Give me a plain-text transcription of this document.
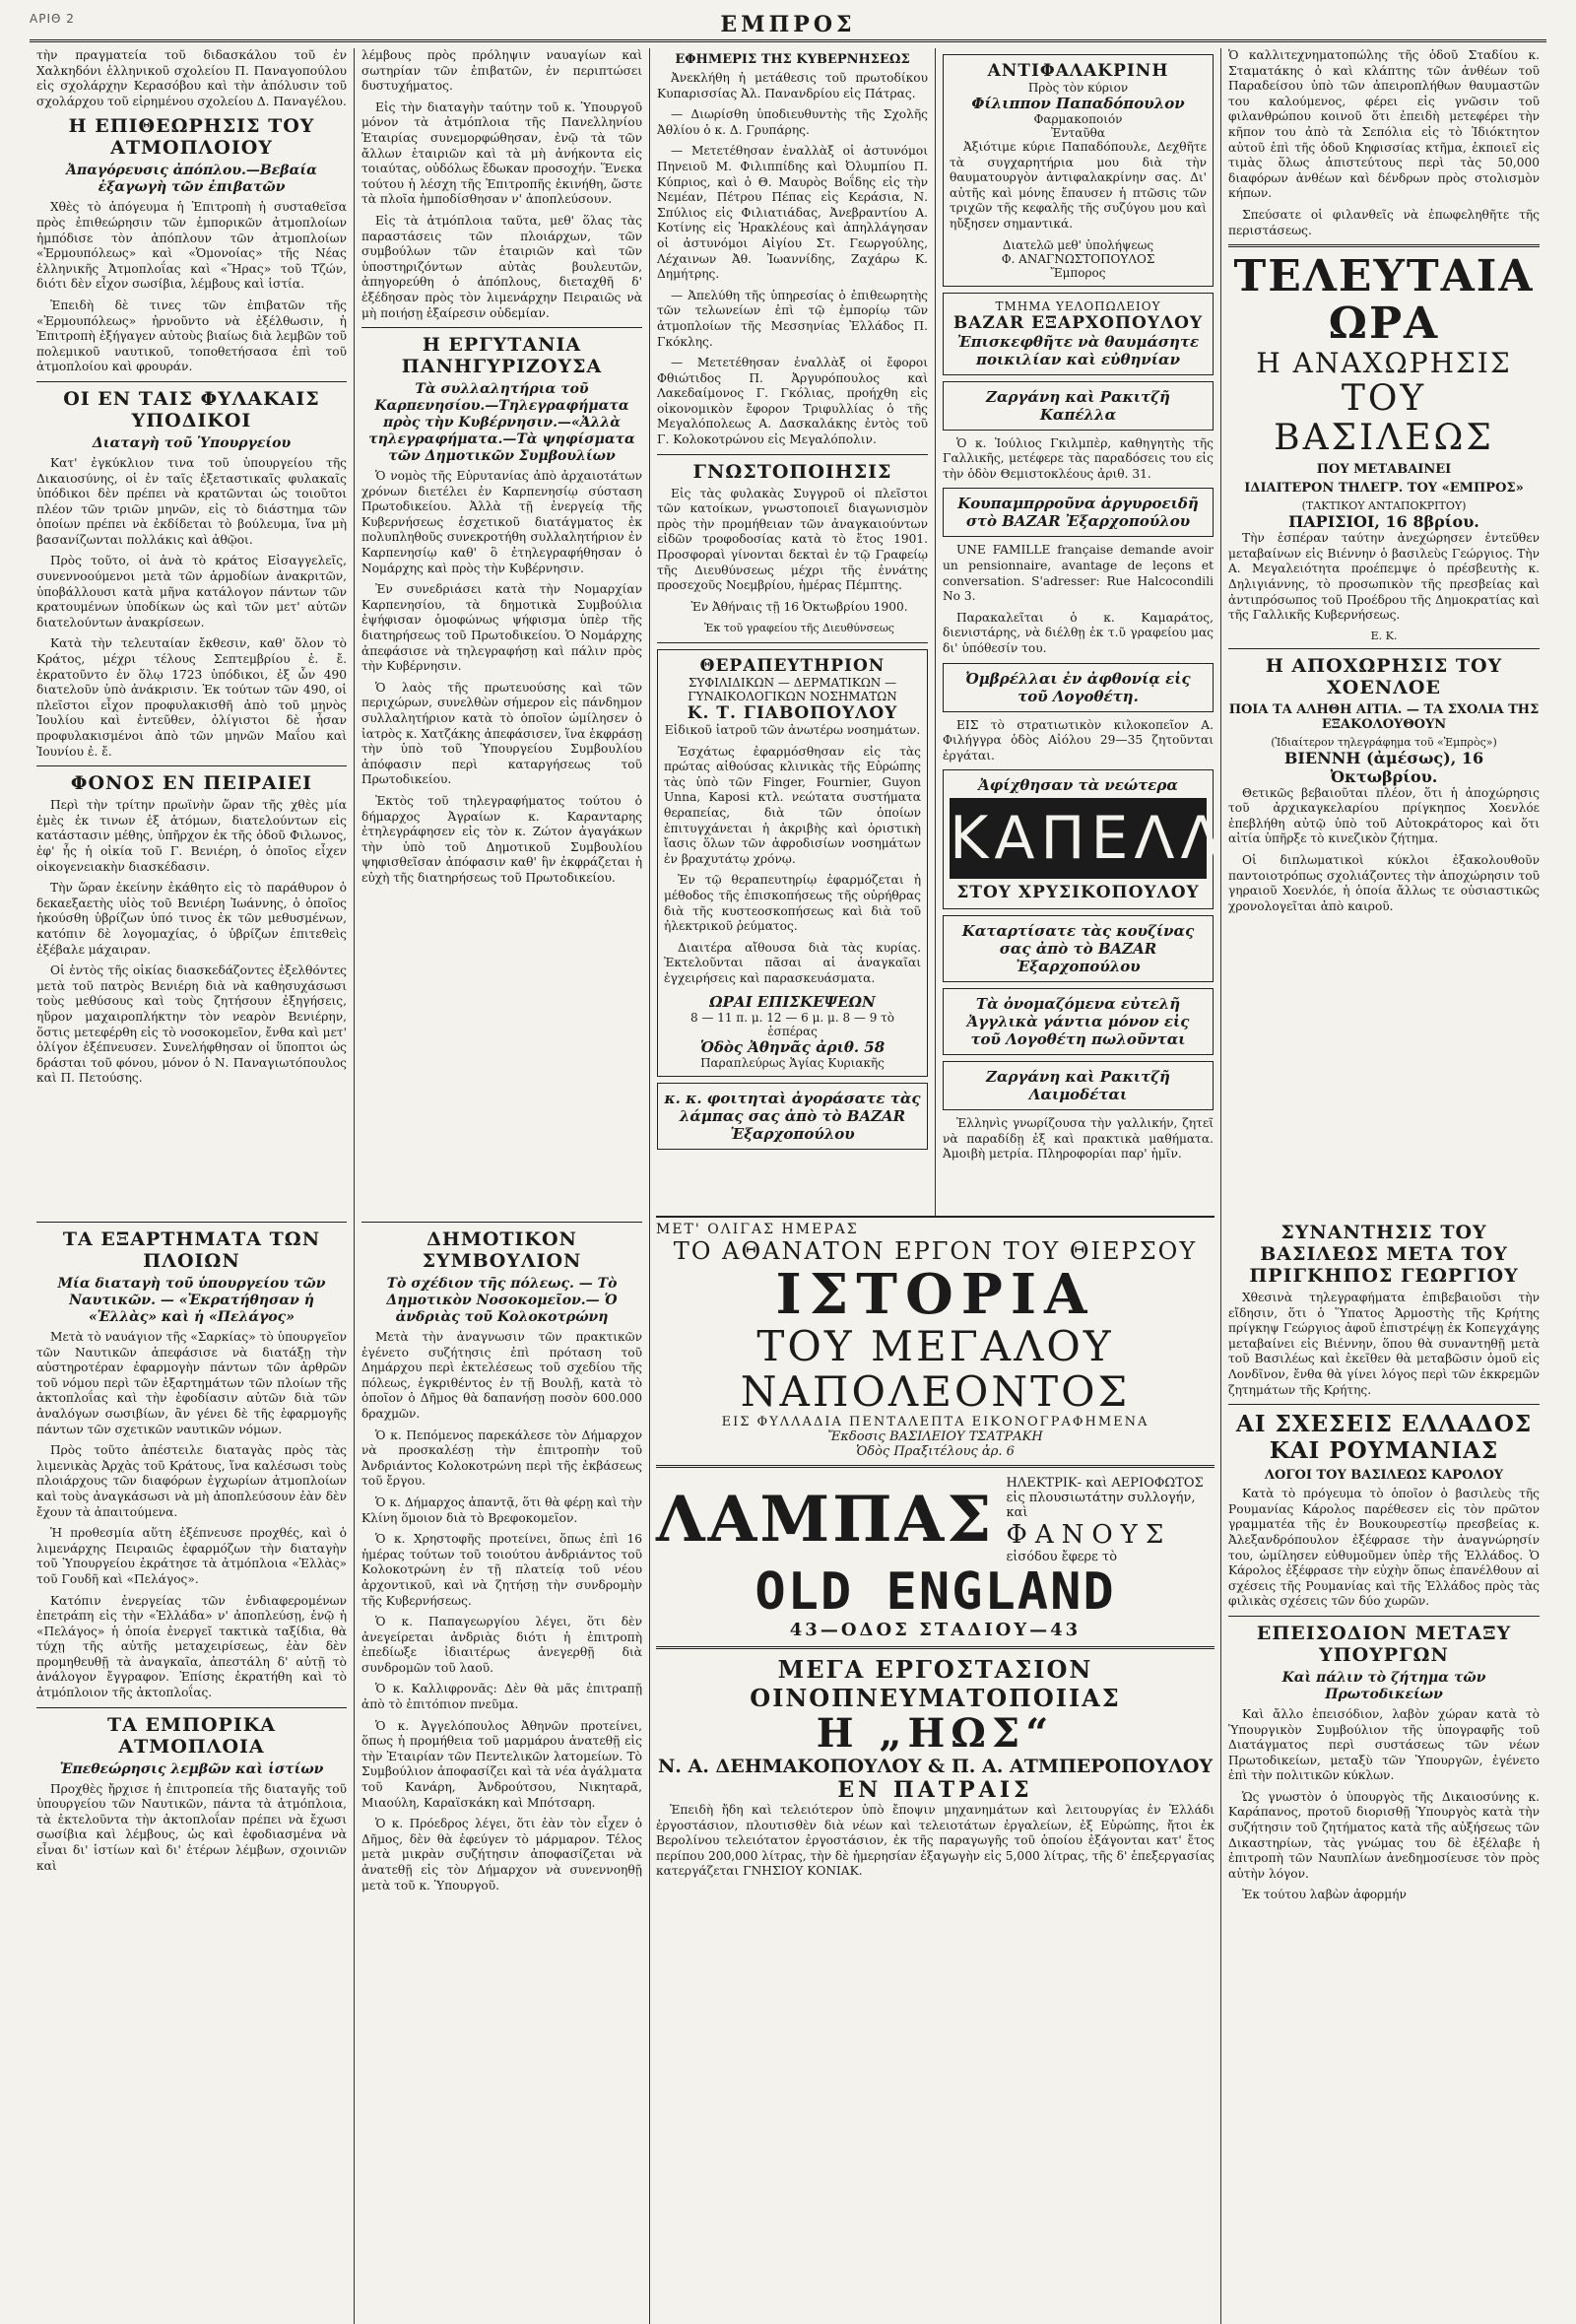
ΑΡΙΘ 2	ΕΜΠΡΟΣ

τὴν πραγματεία τοῦ διδασκάλου τοῦ ἐν Χαλκηδόνι ἑλληνικοῦ σχολείου Π. Παναγοπούλου εἰς σχολάρχην Κερασόβου καὶ τὴν ἀπόλυσιν τοῦ σχολάρχου τοῦ εἰρημένου σχολείου Δ. Παναγέλου.

Η ΕΠΙΘΕΩΡΗΣΙΣ ΤΟΥ ΑΤΜΟΠΛΟΙΟΥ
Ἀπαγόρευσις ἀπόπλου.—Βεβαία ἐξαγωγὴ τῶν ἐπιβατῶν

Χθὲς τὸ ἀπόγευμα ἡ Ἐπιτροπὴ ἡ συσταθεῖσα πρὸς ἐπιθεώρησιν τῶν ἐμπορικῶν ἀτμοπλοίων ἠμπόδισε τὸν ἀπόπλουν τῶν ἀτμοπλοίων «Ἑρμουπόλεως» καὶ «Ὁμονοίας» τῆς Νέας ἑλληνικῆς Ἀτμοπλοΐας καὶ «Ἥρας» τοῦ Τζών, διότι δὲν εἶχον σωσίβια, λέμβους καὶ ἱστία.

Ἐπειδὴ δὲ τινες τῶν ἐπιβατῶν τῆς «Ἑρμουπόλεως» ἠρνοῦντο νὰ ἐξέλθωσιν, ἡ Ἐπιτροπὴ ἐξήγαγεν αὐτοὺς βιαίως διὰ λεμβῶν τοῦ πολεμικοῦ ναυτικοῦ, τοποθετήσασα ἐπὶ τοῦ ἀτμοπλοίου καὶ φρουράν.

ΟΙ ΕΝ ΤΑΙΣ ΦΥΛΑΚΑΙΣ ΥΠΟΔΙΚΟΙ
Διαταγὴ τοῦ Ὑπουργείου

Κατ' ἐγκύκλιον τινα τοῦ ὑπουργείου τῆς Δικαιοσύνης, οἱ ἐν ταῖς ἐξεταστικαῖς φυλακαῖς ὑπόδικοι δὲν πρέπει νὰ κρατῶνται ὡς τοιοῦτοι πλέον τῶν τριῶν μηνῶν, εἰς τὸ διάστημα τῶν ὁποίων πρέπει νὰ ἐκδίδεται τὸ βούλευμα, ἵνα μὴ βασανίζωνται πολλάκις καὶ ἀθῷοι.

Πρὸς τοῦτο, οἱ ἀνὰ τὸ κράτος Εἰσαγγελεῖς, συνεννοούμενοι μετὰ τῶν ἁρμοδίων ἀνακριτῶν, ὑποβάλλουσι κατὰ μῆνα κατάλογον πάντων τῶν κρατουμένων ὑποδίκων ὡς καὶ τῶν μετ' αὐτῶν διατελούντων ἀνακρίσεων.

Κατὰ τὴν τελευταίαν ἔκθεσιν, καθ' ὅλον τὸ Κράτος, μέχρι τέλους Σεπτεμβρίου ἐ. ἔ. ἐκρατοῦντο ἐν ὅλῳ 1723 ὑπόδικοι, ἐξ ὧν 490 διατελοῦν ὑπὸ ἀνάκρισιν. Ἐκ τούτων τῶν 490, οἱ πλεῖστοι εἶχον προφυλακισθῆ ἀπὸ τοῦ μηνὸς Ἰουλίου καὶ ἐντεῦθεν, ὀλίγιστοι δὲ ἦσαν προφυλακισμένοι ἀπὸ τῶν μηνῶν Μαΐου καὶ Ἰουνίου ἐ. ἔ.

ΦΟΝΟΣ ΕΝ ΠΕΙΡΑΙΕΙ

Περὶ τὴν τρίτην πρωϊνὴν ὥραν τῆς χθὲς μία ἐμὲς ἐκ τινων ἐξ ἀτόμων, διατελούντων εἰς κατάστασιν μέθης, ὑπῆρχον ἐκ τῆς ὁδοῦ Φιλωνος, ἐφ' ἧς ἡ οἰκία τοῦ Γ. Βενιέρη, ὁ ὁποῖος εἶχεν οἰκογενειακὴν διασκέδασιν.

Τὴν ὥραν ἐκείνην ἐκάθητο εἰς τὸ παράθυρον ὁ δεκαεξαετὴς υἱὸς τοῦ Βενιέρη Ἰωάννης, ὁ ὁποῖος ἠκούσθη ὑβρίζων ὑπό τινος ἐκ τῶν μεθυσμένων, κατόπιν δὲ λογομαχίας, ὁ ὑβρίζων ἐπιτεθεὶς ἐξέβαλε μάχαιραν.

Οἱ ἐντὸς τῆς οἰκίας διασκεδάζοντες ἐξελθόντες μετὰ τοῦ πατρὸς Βενιέρη διὰ νὰ καθησυχάσωσι τοὺς μεθύσους καὶ τοὺς ζητήσουν ἐξηγήσεις, ηὕρον μαχαιροπλήκτην τὸν νεαρὸν Βενιέρην, ὅστις μετεφέρθη εἰς τὸ νοσοκομεῖον, ἔνθα καὶ μετ' ὀλίγον ἐξέπνευσεν. Συνελήφθησαν οἱ ὕποπτοι ὡς δράσται τοῦ φόνου, μόνον ὁ Ν. Παναγιωτόπουλος καὶ Π. Πετούσης.

λέμβους πρὸς πρόληψιν ναυαγίων καὶ σωτηρίαν τῶν ἐπιβατῶν, ἐν περιπτώσει δυστυχήματος.

Εἰς τὴν διαταγὴν ταύτην τοῦ κ. Ὑπουργοῦ μόνον τὰ ἀτμόπλοια τῆς Πανελληνίου Ἑταιρίας συνεμορφώθησαν, ἐνῷ τὰ τῶν ἄλλων ἑταιριῶν καὶ τὰ μὴ ἀνήκοντα εἰς τοιαύτας, οὐδόλως ἔδωκαν προσοχήν. Ἕνεκα τούτου ἡ λέσχη τῆς Ἐπιτροπῆς ἐκινήθη, ὥστε τὰ πλοῖα ἠμποδίσθησαν ν' ἀποπλεύσουν.

Εἰς τὰ ἀτμόπλοια ταῦτα, μεθ' ὅλας τὰς παραστάσεις τῶν πλοιάρχων, τῶν συμβούλων τῶν ἑταιριῶν καὶ τῶν ὑποστηριζόντων αὐτὰς βουλευτῶν, ἀπηγορεύθη ὁ ἀπόπλους, διεταχθῆ δ' ἐξέδησαν πρὸς τὸν λιμενάρχην Πειραιῶς νὰ μὴ ποιήσῃ ἐξαίρεσιν οὐδεμίαν.

Η ΕΡΓΥΤΑΝΙΑ ΠΑΝΗΓΥΡΙΖΟΥΣΑ
Τὰ συλλαλητήρια τοῦ Καρπενησίου.—Τηλεγραφήματα πρὸς τὴν Κυβέρνησιν.—«Ἀλλὰ τηλεγραφήματα.—Τὰ ψηφίσματα τῶν Δημοτικῶν Συμβουλίων

Ὁ νομὸς τῆς Εὐρυτανίας ἀπὸ ἀρχαιοτάτων χρόνων διετέλει ἐν Καρπενησίῳ σύσταση Πρωτοδικείου. Ἀλλὰ τῇ ἐνεργείᾳ τῆς Κυβερνήσεως ἐσχετικοῦ διατάγματος ἐκ πολυπληθοῦς συνεκροτήθη συλλαλητήριον ἐν Καρπενησίῳ καθ' ὃ ἐτηλεγραφήθησαν ὁ Νομάρχης καὶ πρὸς τὴν Κυβέρνησιν.

Ἐν συνεδριάσει κατὰ τὴν Νομαρχίαν Καρπενησίου, τὰ δημοτικὰ Συμβούλια ἐψήφισαν ὁμοφώνως ψήφισμα ὑπὲρ τῆς διατηρήσεως τοῦ Πρωτοδικείου. Ὁ Νομάρχης ἀπεφάσισε νὰ τηλεγραφήσῃ καὶ πάλιν πρὸς τὴν Κυβέρνησιν.

Ὁ λαὸς τῆς πρωτευούσης καὶ τῶν περιχώρων, συνελθὼν σήμερον εἰς πάνδημον συλλαλητήριον κατὰ τὸ ὁποῖον ὡμίλησεν ὁ ἰατρὸς κ. Χατζάκης ἀπεφάσισεν, ἵνα ἐκφράσῃ τὴν ὑπὸ τοῦ Ὑπουργείου Συμβουλίου ἀπόφασιν περὶ καταργήσεως τοῦ Πρωτοδικείου.

Ἐκτὸς τοῦ τηλεγραφήματος τούτου ὁ δήμαρχος Ἀγραίων κ. Καρανταρης ἐτηλεγράφησεν εἰς τὸν κ. Ζώτον ἀγαγάκων τὴν ὑπὸ τοῦ Δημοτικοῦ Συμβουλίου ψηφισθεῖσαν ἀπόφασιν καθ' ἣν ἐκφράζεται ἡ εὐχὴ τῆς διατηρήσεως τοῦ Πρωτοδικείου.

ΕΦΗΜΕΡΙΣ ΤΗΣ ΚΥΒΕΡΝΗΣΕΩΣ

Ἀνεκλήθη ἡ μετάθεσις τοῦ πρωτοδίκου Κυπαρισσίας Ἀλ. Πανανδρίου εἰς Πάτρας.

— Διωρίσθη ὑποδιευθυντὴς τῆς Σχολῆς Ἀθλίου ὁ κ. Δ. Γρυπάρης.

— Μετετέθησαν ἐναλλὰξ οἱ ἀστυνόμοι Πηνειοῦ Μ. Φιλιππίδης καὶ Ὀλυμπίου Π. Κύπριος, καὶ ὁ Θ. Μαυρὸς Βοΐδης εἰς τὴν Νεμέαν, Πέτρου Πέπας εἰς Κεράσια, Ν. Σπύλιος εἰς Φιλιατιάδας, Ἀνεβραντίου Α. Κοτίνης εἰς Ἠρακλέους καὶ ἀπηλλάγησαν οἱ ἀστυνόμοι Αἰγίου Στ. Γεωργούλης, Λέχαινων Ἀθ. Ἰωαννίδης, Ζαχάρω Κ. Δημήτρης.

— Ἀπελύθη τῆς ὑπηρεσίας ὁ ἐπιθεωρητὴς τῶν τελωνείων ἐπὶ τῷ ἐμπορίῳ τῶν ἀτμοπλοίων τῆς Μεσσηνίας Ἐλλάδος Π. Γκόκλης.

— Μετετέθησαν ἐναλλὰξ οἱ ἔφοροι Φθιώτιδος Π. Ἀργυρόπουλος καὶ Λακεδαίμονος Γ. Γκόλιας, προήχθη εἰς οἰκονομικὸν ἔφορον Τριφυλλίας ὁ τῆς Μεγαλόπολεως Α. Δασκαλάκης ἐντὸς τοῦ Γ. Κολοκοτρώνου εἰς Μεγαλόπολιν.

ΓΝΩΣΤΟΠΟΙΗΣΙΣ

Εἰς τὰς φυλακὰς Συγγροῦ οἱ πλεῖστοι τῶν κατοίκων, γνωστοποιεῖ διαγωνισμὸν πρὸς τὴν προμήθειαν τῶν ἀναγκαιούντων εἰδῶν τροφοδοσίας κατὰ τὸ ἔτος 1901. Προσφοραὶ γίνονται δεκταὶ ἐν τῷ Γραφείῳ τῆς Διευθύνσεως μέχρι τῆς ἐννάτης προσεχοῦς Νοεμβρίου, ἡμέρας Πέμπτης.

Ἐν Ἀθήναις τῇ 16 Ὀκτωβρίου 1900.

Ἐκ τοῦ γραφείου τῆς Διευθύνσεως

ΘΕΡΑΠΕΥΤΗΡΙΟΝ
ΣΥΦΙΛΙΔΙΚΩΝ — ΔΕΡΜΑΤΙΚΩΝ — ΓΥΝΑΙΚΟΛΟΓΙΚΩΝ ΝΟΣΗΜΑΤΩΝ
Κ. Τ. ΓΙΑΒΟΠΟΥΛΟΥ

Εἰδικοῦ ἰατροῦ τῶν ἀνωτέρω νοσημάτων.

Ἐσχάτως ἐφαρμόσθησαν εἰς τὰς πρώτας αἰθούσας κλινικὰς τῆς Εὐρώπης τὰς ὑπὸ τῶν Finger, Fournier, Guyon Unna, Kaposi κτλ. νεώτατα συστήματα θεραπείας, διὰ τῶν ὁποίων ἐπιτυγχάνεται ἡ ἀκριβὴς καὶ ὁριστικὴ ἴασις ὅλων τῶν ἀφροδισίων νοσημάτων ἐν βραχυτάτῳ χρόνῳ.

Ἐν τῷ θεραπευτηρίῳ ἐφαρμόζεται ἡ μέθοδος τῆς ἐπισκοπήσεως τῆς οὐρήθρας διὰ τῆς κυστεοσκοπήσεως καὶ διὰ τοῦ ἠλεκτρικοῦ ῥεύματος.

Διαιτέρα αἴθουσα διὰ τὰς κυρίας. Ἐκτελοῦνται πᾶσαι αἱ ἀναγκαῖαι ἐγχειρήσεις καὶ παρασκευάσματα.

ΩΡΑΙ ΕΠΙΣΚΕΨΕΩΝ
8 — 11 π. μ. 12 — 6 μ. μ. 8 — 9 τὸ ἑσπέρας
Ὁδὸς Ἀθηνᾶς ἀριθ. 58
Παραπλεύρως Ἁγίας Κυριακῆς
κ. κ. φοιτηταὶ ἀγοράσατε τὰς λάμπας σας ἀπὸ τὸ BAZAR Ἐξαρχοπούλου
ΑΝΤΙΦΑΛΑΚΡΙΝΗ
Πρὸς τὸν κύριον
Φίλιππον Παπαδόπουλον
Φαρμακοποιόν
Ἐνταῦθα

Ἀξιότιμε κύριε Παπαδόπουλε, Δεχθῆτε τὰ συγχαρητήρια μου διὰ τὴν θαυματουργὸν ἀντιφαλακρίνην σας. Δι' αὐτῆς καὶ μόνης ἔπαυσεν ἡ πτῶσις τῶν τριχῶν τῆς κεφαλῆς τῆς συζύγου μου καὶ ηὔξησεν σημαντικά.

Διατελῶ μεθ' ὑπολήψεως
Φ. ΑΝΑΓΝΩΣΤΟΠΟΥΛΟΣ
Ἔμπορος
ΤΜΗΜΑ ΥΕΛΟΠΩΛΕΙΟΥ
BAZAR ΕΞΑΡΧΟΠΟΥΛΟΥ
Ἐπισκεφθῆτε νὰ θαυμάσητε ποικιλίαν καὶ εὐθηνίαν
Ζαργάνη καὶ Ρακιτζῆ Καπέλλα

Ὁ κ. Ἰούλιος Γκιλμπὲρ, καθηγητὴς τῆς Γαλλικῆς, μετέφερε τὰς παραδόσεις του εἰς τὴν ὁδὸν Θεμιστοκλέους ἀριθ. 31.

Κουπαμπρροῦνα ἀργυροειδῆ
στὸ BAZAR Ἐξαρχοπούλου

UNE FAMILLE française demande avoir un pensionnaire, avantage de leçons et conversation. S'adresser: Rue Halcocondili No 3.

Παρακαλεῖται ὁ κ. Καμαράτος, διενιστάρης, νὰ διέλθῃ ἐκ τ.ῦ γραφείου μας δι' ὑπόθεσίν του.

Ὀμβρέλλαι ἐν ἀφθονίᾳ εἰς
τοῦ Λογοθέτη.

ΕΙΣ τὸ στρατιωτικὸν κιλοκοπεῖον Α. Φιλήγγρα ὁδὸς Αἰόλου 29—35 ζητοῦνται ἐργάται.

Ἀφίχθησαν τὰ νεώτερα
ΚΑΠΕΛΛΑ
ΣΤΟΥ ΧΡΥΣΙΚΟΠΟΥΛΟΥ
Καταρτίσατε τὰς κουζίνας σας ἀπὸ τὸ BAZAR Ἐξαρχοπούλου
Τὰ ὀνομαζόμενα εὐτελῆ Ἀγγλικὰ γάντια μόνον εἰς τοῦ Λογοθέτη πωλοῦνται
Ζαργάνη καὶ Ρακιτζῆ Λαιμοδέται

Ἑλληνὶς γνωρίζουσα τὴν γαλλικήν, ζητεῖ νὰ παραδίδῃ ἐξ καὶ πρακτικὰ μαθήματα. Ἀμοιβὴ μετρία. Πληροφορίαι παρ' ἡμῖν.

Ὁ καλλιτεχνηματοπώλης τῆς ὁδοῦ Σταδίου κ. Σταματάκης ὁ καὶ κλάπτης τῶν ἀνθέων τοῦ Παραδείσου ὑπὸ τῶν ἀπειροπλήθων θαυμαστῶν του καλούμενος, φέρει εἰς γνῶσιν τοῦ φιλανθρώπου κοινοῦ ὅτι ἐπειδὴ μετεφέρει τὴν κῆπον του ἀπὸ τὰ Σεπόλια εἰς τὸ Ἰδιόκτητον αὐτοῦ ἐπὶ τῆς ὁδοῦ Κηφισσίας κτῆμα, ἐκποιεῖ εἰς τιμὰς ὅλως ἀπιστεύτους περὶ τὰς 50,000 διαφόρων ἀνθέων καὶ δένδρων πρὸς στολισμὸν κήπων.

Σπεύσατε οἱ φιλανθεῖς νὰ ἐπωφεληθῆτε τῆς περιστάσεως.

ΤΕΛΕΥΤΑΙΑ ΩΡΑ
Η ΑΝΑΧΩΡΗΣΙΣ
ΤΟΥ ΒΑΣΙΛΕΩΣ
ΠΟΥ ΜΕΤΑΒΑΙΝΕΙ
ΙΔΙΑΙΤΕΡΟΝ ΤΗΛΕΓΡ. ΤΟΥ «ΕΜΠΡΟΣ»
(ΤΑΚΤΙΚΟΥ ΑΝΤΑΠΟΚΡΙΤΟΥ)
ΠΑΡΙΣΙΟΙ, 16 8βρίου.

Τὴν ἑσπέραν ταύτην ἀνεχώρησεν ἐντεῦθεν μεταβαίνων εἰς Βιέννην ὁ βασιλεὺς Γεώργιος. Τὴν Α. Μεγαλειότητα προέπεμψε ὁ πρέσβευτὴς κ. Δηλιγιάννης, τὸ προσωπικὸν τῆς πρεσβείας καὶ ἀντιπρόσωπος τοῦ Προέδρου τῆς Δημοκρατίας καὶ τῆς Γαλλικῆς Κυβερνήσεως.

Ε. Κ.
Η ΑΠΟΧΩΡΗΣΙΣ ΤΟΥ ΧΟΕΝΛΟΕ
ΠΟΙΑ ΤΑ ΑΛΗΘΗ ΑΙΤΙΑ. — ΤΑ ΣΧΟΛΙΑ ΤΗΣ ΕΞΑΚΟΛΟΥΘΟΥΝ
(Ἰδιαίτερον τηλεγράφημα τοῦ «Ἐμπρὸς»)
ΒΙΕΝΝΗ (ἀμέσως), 16 Ὀκτωβρίου.

Θετικῶς βεβαιοῦται πλέον, ὅτι ἡ ἀποχώρησις τοῦ ἀρχικαγκελαρίου πρίγκηπος Χοενλόε ἐπεβλήθη αὐτῷ ὑπὸ τοῦ Αὐτοκράτορος καὶ ὅτι αἰτία ὑπῆρξε τὸ κινεζικὸν ζήτημα.

Οἱ διπλωματικοὶ κύκλοι ἐξακολουθοῦν παντοιοτρόπως σχολιάζοντες τὴν ἀποχώρησιν τοῦ γηραιοῦ Χοενλόε, ἡ ὁποία ἄλλως τε οὐσιαστικῶς χρονολογεῖται ἀπὸ καιροῦ.

ΤΑ ΕΞΑΡΤΗΜΑΤΑ ΤΩΝ ΠΛΟΙΩΝ
Μία διαταγὴ τοῦ ὑπουργείου τῶν Ναυτικῶν. — «Ἐκρατήθησαν ἡ «Ἑλλὰς» καὶ ἡ «Πελάγος»

Μετὰ τὸ ναυάγιον τῆς «Σαρκίας» τὸ ὑπουργεῖον τῶν Ναυτικῶν ἀπεφάσισε νὰ διατάξῃ τὴν αὐστηροτέραν ἐφαρμογὴν πάντων τῶν ἀρθρῶν τοῦ νόμου περὶ τῶν ἐξαρτημάτων τῶν πλοίων τῆς ἀκτοπλοΐας καὶ τὴν ἐφοδίασιν αὐτῶν διὰ τῶν ἀναλόγων σωσιβίων, ἂν γένει δὲ τῆς ἐφαρμογῆς πάντων τῶν σχετικῶν ναυτικῶν νόμων.

Πρὸς τοῦτο ἀπέστειλε διαταγὰς πρὸς τὰς λιμενικὰς Ἀρχὰς τοῦ Κράτους, ἵνα καλέσωσι τοὺς πλοιάρχους τῶν διαφόρων ἐγχωρίων ἀτμοπλοίων καὶ τοὺς ἀναγκάσωσι νὰ μὴ ἀποπλεύσουν ἐὰν δὲν ἔχουν τὰ ἀπαιτούμενα.

Ἡ προθεσμία αὕτη ἐξέπνευσε προχθές, καὶ ὁ λιμενάρχης Πειραιῶς ἐφαρμόζων τὴν διαταγὴν τοῦ Ὑπουργείου ἐκράτησε τὰ ἀτμόπλοια «Ἑλλὰς» τοῦ Γουδῆ καὶ «Πελάγος».

Κατόπιν ἐνεργείας τῶν ἐνδιαφερομένων ἐπετράπη εἰς τὴν «Ἑλλάδα» ν' ἀποπλεύσῃ, ἐνῷ ἡ «Πελάγος» ἡ ὁποία ἐνεργεῖ τακτικὰ ταξίδια, θὰ τύχῃ τῆς αὐτῆς μεταχειρίσεως, ἐὰν δὲν προμηθευθῇ τὰ ἀναγκαῖα, ἀπεστάλη δ' αὐτῇ τὸ ἀνάλογον ἔγγραφον. Ἐπίσης ἐκρατήθη καὶ τὸ ἀτμόπλοιον τῆς ἀκτοπλοΐας.

ΤΑ ΕΜΠΟΡΙΚΑ ΑΤΜΟΠΛΟΙΑ
Ἐπεθεώρησις λεμβῶν καὶ ἱστίων

Προχθὲς ἤρχισε ἡ ἐπιτροπεία τῆς διαταγῆς τοῦ ὑπουργείου τῶν Ναυτικῶν, πάντα τὰ ἀτμόπλοια, τὰ ἐκτελοῦντα τὴν ἀκτοπλοΐαν πρέπει νὰ ἔχωσι σωσίβια καὶ λέμβους, ὡς καὶ ἐφοδιασμένα νὰ εἶναι δι' ἱστίων καὶ δι' ἑτέρων λέμβων, σχοινιῶν καὶ

ΔΗΜΟΤΙΚΟΝ ΣΥΜΒΟΥΛΙΟΝ
Τὸ σχέδιον τῆς πόλεως. — Τὸ Δημοτικὸν Νοσοκομεῖον.— Ὁ ἀνδριὰς τοῦ Κολοκοτρώνη

Μετὰ τὴν ἀναγνωσιν τῶν πρακτικῶν ἐγένετο συζήτησις ἐπὶ πρόταση τοῦ Δημάρχου περὶ ἐκτελέσεως τοῦ σχεδίου τῆς πόλεως, ἐγκριθέντος ἐν τῇ Βουλῇ, κατὰ τὸ ὁποῖον ὁ Δῆμος θὰ δαπανήσῃ ποσὸν 600.000 δραχμῶν.

Ὁ κ. Πεπόμενος παρεκάλεσε τὸν Δήμαρχον νὰ προσκαλέσῃ τὴν ἐπιτροπὴν τοῦ Ἀνδριάντος Κολοκοτρώνη περὶ τῆς ἐκβάσεως τοῦ ἔργου.

Ὁ κ. Δήμαρχος ἀπαντᾷ, ὅτι θὰ φέρῃ καὶ τὴν Κλίνη ὅμοιον διὰ τὸ Βρεφοκομεῖον.

Ὁ κ. Χρηστοφῆς προτείνει, ὅπως ἐπὶ 16 ἡμέρας τούτων τοῦ τοιούτου ἀνδριάντος τοῦ Κολοκοτρώνη ἐν τῇ πλατείᾳ τοῦ νέου ἀρχοντικοῦ, καὶ νὰ ζητήσῃ τὴν συνδρομὴν τῆς Κυβερνήσεως.

Ὁ κ. Παπαγεωργίου λέγει, ὅτι δὲν ἀνεγείρεται ἀνδριὰς διότι ἡ ἐπιτροπὴ ἐπεδίωξε ἰδιαιτέρως ἀνεγερθῇ διὰ συνδρομῶν τοῦ λαοῦ.

Ὁ κ. Καλλιφρονᾶς: Δὲν θὰ μᾶς ἐπιτραπῇ ἀπὸ τὸ ἐπιτόπιον πνεῦμα.

Ὁ κ. Ἀγγελόπουλος Ἀθηνῶν προτείνει, ὅπως ἡ προμήθεια τοῦ μαρμάρου ἀνατεθῇ εἰς τὴν Ἐταιρίαν τῶν Πεντελικῶν λατομείων. Τὸ Συμβούλιον ἀποφασίζει καὶ τὰ νέα ἀγάλματα τοῦ Κανάρη, Ἀνδρούτσου, Νικηταρᾶ, Μιαούλη, Καραϊσκάκη καὶ Μπότσαρη.

Ὁ κ. Πρόεδρος λέγει, ὅτι ἐὰν τὸν εἶχεν ὁ Δῆμος, δὲν θὰ ἐφεύγεν τὸ μάρμαρον. Τέλος μετὰ μικρὰν συζήτησιν ἀποφασίζεται νὰ ἀνατεθῇ εἰς τὸν Δήμαρχον νὰ συνεννοηθῇ μετὰ τοῦ κ. Ὑπουργοῦ.

ΜΕΤ' ΟΛΙΓΑΣ ΗΜΕΡΑΣ
ΤΟ ΑΘΑΝΑΤΟΝ ΕΡΓΟΝ ΤΟΥ ΘΙΕΡΣΟΥ
ΙΣΤΟΡΙΑ
ΤΟΥ ΜΕΓΑΛΟΥ ΝΑΠΟΛΕΟΝΤΟΣ
ΕΙΣ ΦΥΛΛΑΔΙΑ ΠΕΝΤΑΛΕΠΤΑ ΕΙΚΟΝΟΓΡΑΦΗΜΕΝΑ
Ἔκδοσις ΒΑΣΙΛΕΙΟΥ ΤΣΑΤΡΑΚΗ
Ὁδὸς Πραξιτέλους ἀρ. 6
ΛΑΜΠΑΣ ΗΛΕΚΤΡΙΚ- καὶ ΑΕΡΙΟΦΩΤΟΣ
εἰς πλουσιωτάτην συλλογήν, καὶ
ΦΑΝΟΥΣ
εἰσόδου ἔφερε τὸ
OLD ENGLAND
43—ΟΔΟΣ ΣΤΑΔΙΟΥ—43
ΜΕΓΑ ΕΡΓΟΣΤΑΣΙΟΝ ΟΙΝΟΠΝΕΥΜΑΤΟΠΟΙΙΑΣ
Η „ΗΩΣ“
Ν. Α. ΔΕΗΜΑΚΟΠΟΥΛΟΥ & Π. Α. ΑΤΜΠΕΡΟΠΟΥΛΟΥ
ΕΝ ΠΑΤΡΑΙΣ

Ἐπειδὴ ἤδη καὶ τελειότερον ὑπὸ ἔποψιν μηχανημάτων καὶ λειτουργίας ἐν Ἑλλάδι ἐργοστάσιον, πλουτισθὲν διὰ νέων καὶ τελειοτάτων ἐργαλείων, ἐξ Εὐρώπης, ἤτοι ἐκ Βερολίνου τελειότατον ἐργοστάσιον, ἐκ τῆς παραγωγῆς τοῦ ὁποίου ἐξάγονται κατ' ἔτος περίπου 200,000 λίτρας, τὴν δὲ ἡμερησίαν ἐξαγωγὴν εἰς 5,000 λίτρας, τῆς δ' ἐπεξεργασίας κατεργάζεται ΓΝΗΣΙΟΥ ΚΟΝΙΑΚ.

ΣΥΝΑΝΤΗΣΙΣ ΤΟΥ ΒΑΣΙΛΕΩΣ ΜΕΤΑ ΤΟΥ ΠΡΙΓΚΗΠΟΣ ΓΕΩΡΓΙΟΥ

Χθεσινὰ τηλεγραφήματα ἐπιβεβαιοῦσι τὴν εἴδησιν, ὅτι ὁ Ὕπατος Ἁρμοστὴς τῆς Κρήτης πρίγκηψ Γεώργιος ἀφοῦ ἐπιστρέψῃ ἐκ Κοπεγχάγης μεταβαίνει εἰς Βιέννην, ὅπου θὰ συναντηθῇ μετὰ τοῦ Βασιλέως καὶ ἐκεῖθεν θὰ μεταβῶσιν ὁμοῦ εἰς Λονδῖνον, ἔνθα θὰ γίνει λόγος περὶ τῶν ἐκκρεμῶν ζητημάτων τῆς Κρήτης.

ΑΙ ΣΧΕΣΕΙΣ ΕΛΛΑΔΟΣ ΚΑΙ ΡΟΥΜΑΝΙΑΣ
ΛΟΓΟΙ ΤΟΥ ΒΑΣΙΛΕΩΣ ΚΑΡΟΛΟΥ

Κατὰ τὸ πρόγευμα τὸ ὁποῖον ὁ βασιλεὺς τῆς Ρουμανίας Κάρολος παρέθεσεν εἰς τὸν πρῶτον γραμματέα τῆς ἐν Βουκουρεστίῳ πρεσβείας κ. Ἀλεξανδρόπουλον ἐξέφρασε τὴν ἀναγνώρησίν του, ὡμίλησεν εὐθυμοῦμεν ὑπὲρ τῆς Ἑλλάδος. Ὁ Κάρολος ἐξέφρασε τὴν εὐχὴν ὅπως ἐπανέλθουν αἱ σχέσεις τῆς Ρουμανίας καὶ τῆς Ἑλλάδος πρὸς τὰς φιλικὰς σχέσεις τῶν δύο χωρῶν.

ΕΠΕΙΣΟΔΙΟΝ ΜΕΤΑΞΥ ΥΠΟΥΡΓΩΝ
Καὶ πάλιν τὸ ζήτημα τῶν Πρωτοδικείων

Καὶ ἄλλο ἐπεισόδιον, λαβὸν χώραν κατὰ τὸ Ὑπουργικὸν Συμβούλιον τῆς ὑπογραφῆς τοῦ Διατάγματος περὶ συστάσεως τῶν νέων Πρωτοδικείων, μεταξὺ τῶν Ὑπουργῶν, ἐγένετο ἐπὶ τὴν πολιτικῶν κύκλων.

Ὡς γνωστὸν ὁ ὑπουργὸς τῆς Δικαιοσύνης κ. Καράπανος, προτοῦ διορισθῇ Ὑπουργὸς κατὰ τὴν συζήτησιν τοῦ ζητήματος κατὰ τῆς αὐξήσεως τῶν Δικαστηρίων, τὰς γνώμας του δὲ ἐξέλαβε ἡ ἐπιτροπὴ τῶν Ναυπλίων ἀνεδημοσίευσε τὸν πρὸς αὐτὴν λόγον.

Ἐκ τούτου λαβὼν ἀφορμήν
